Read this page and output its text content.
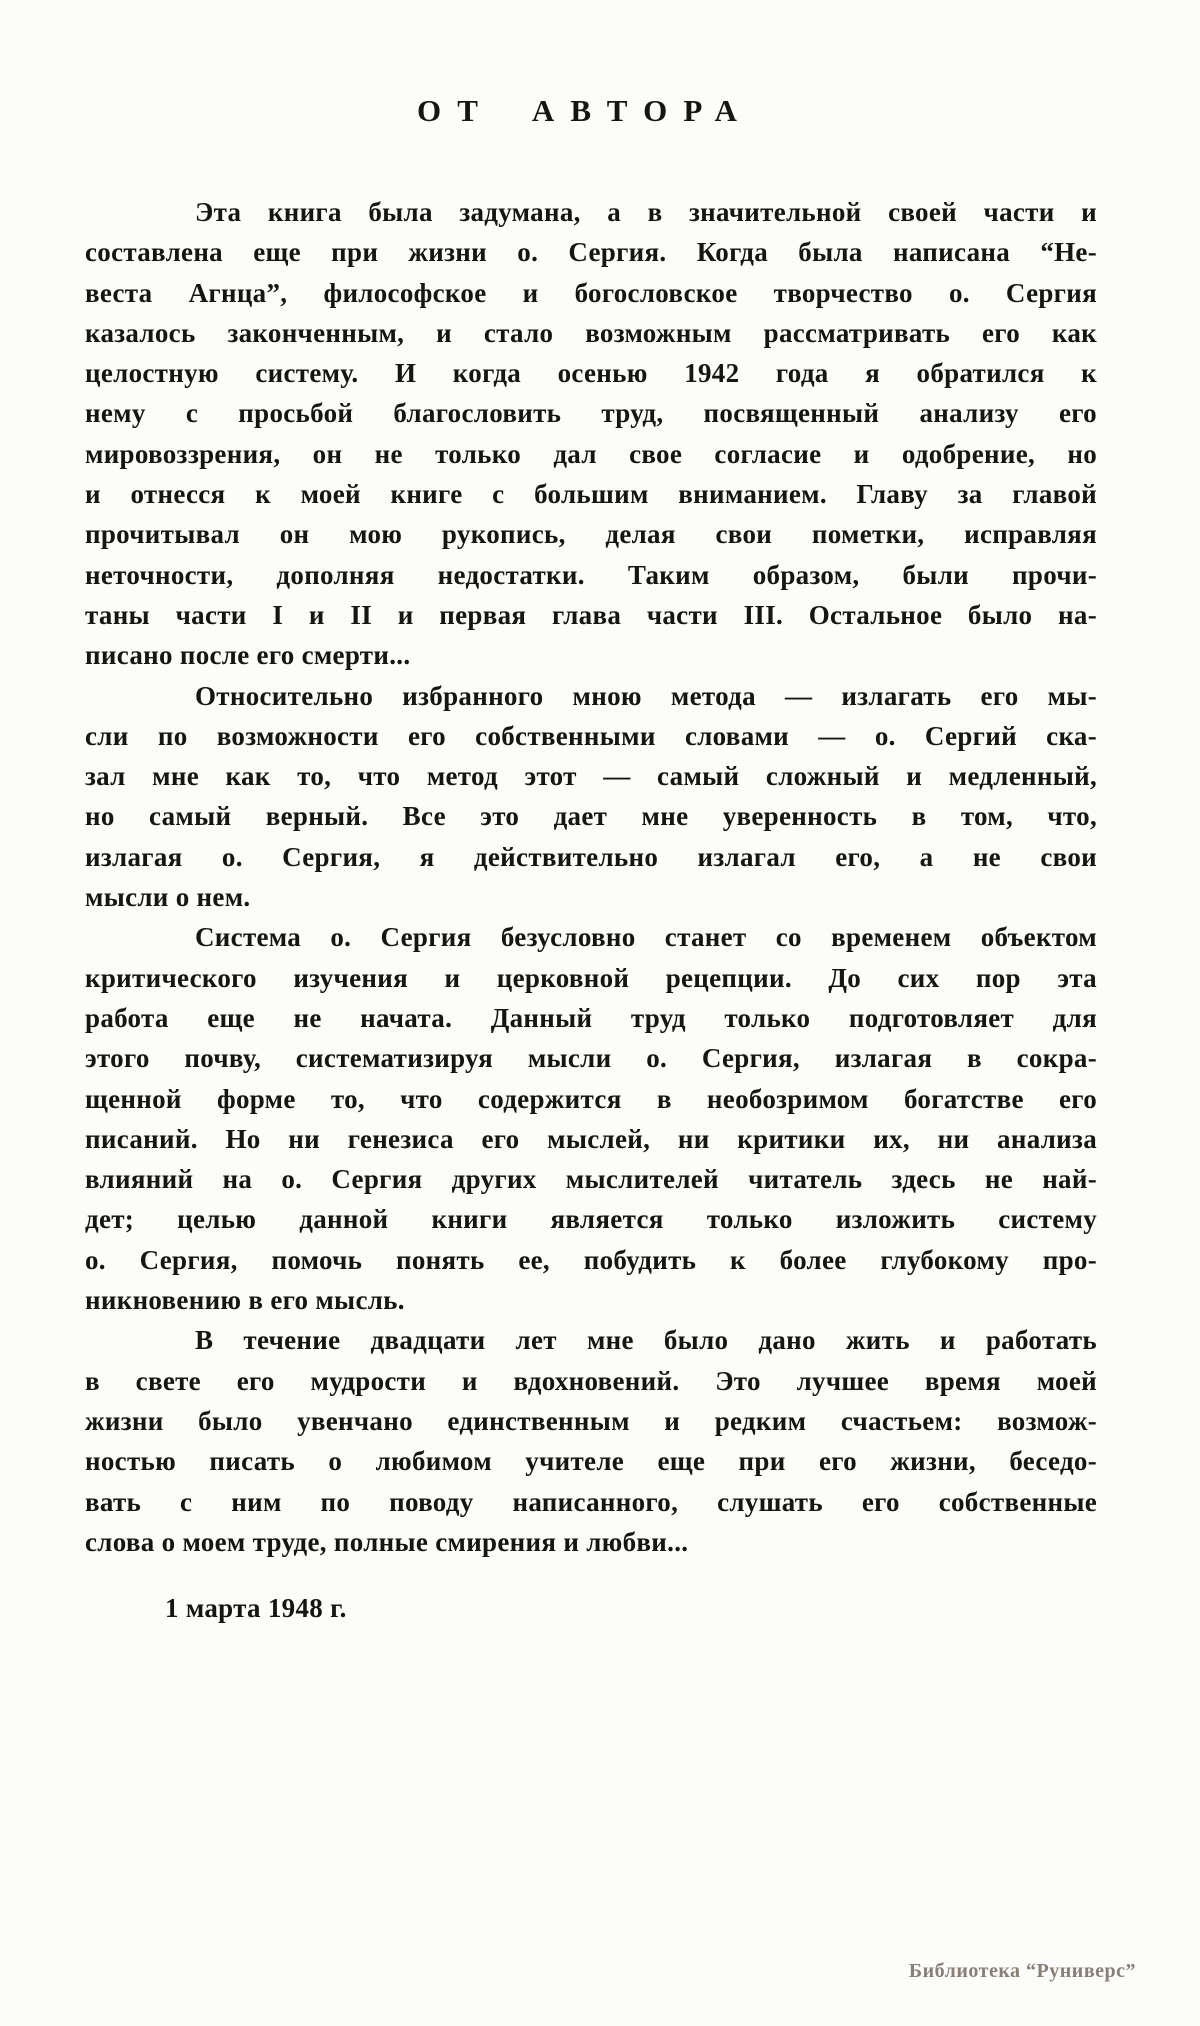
ОТ АВТОРА
Эта книга была задумана, а в значительной своей части и
составлена еще при жизни о. Сергия. Когда была написана “Не-
веста Агнца”, философское и богословское творчество о. Сергия
казалось законченным, и стало возможным рассматривать его как
целостную систему. И когда осенью 1942 года я обратился к
нему с просьбой благословить труд, посвященный анализу его
мировоззрения, он не только дал свое согласие и одобрение, но
и отнесся к моей книге с большим вниманием. Главу за главой
прочитывал он мою рукопись, делая свои пометки, исправляя
неточности, дополняя недостатки. Таким образом, были прочи-
таны части I и II и первая глава части III. Остальное было на-
писано после его смерти...
Относительно избранного мною метода — излагать его мы-
сли по возможности его собственными словами — о. Сергий ска-
зал мне как то, что метод этот — самый сложный и медленный,
но самый верный. Все это дает мне уверенность в том, что,
излагая о. Сергия, я действительно излагал его, а не свои
мысли о нем.
Система о. Сергия безусловно станет со временем объектом
критического изучения и церковной рецепции. До сих пор эта
работа еще не начата. Данный труд только подготовляет для
этого почву, систематизируя мысли о. Сергия, излагая в сокра-
щенной форме то, что содержится в необозримом богатстве его
писаний. Но ни генезиса его мыслей, ни критики их, ни анализа
влияний на о. Сергия других мыслителей читатель здесь не най-
дет; целью данной книги является только изложить систему
о. Сергия, помочь понять ее, побудить к более глубокому про-
никновению в его мысль.
В течение двадцати лет мне было дано жить и работать
в свете его мудрости и вдохновений. Это лучшее время моей
жизни было увенчано единственным и редким счастьем: возмож-
ностью писать о любимом учителе еще при его жизни, беседо-
вать с ним по поводу написанного, слушать его собственные
слова о моем труде, полные смирения и любви...
1 марта 1948 г.
Библиотека “Руниверс”
